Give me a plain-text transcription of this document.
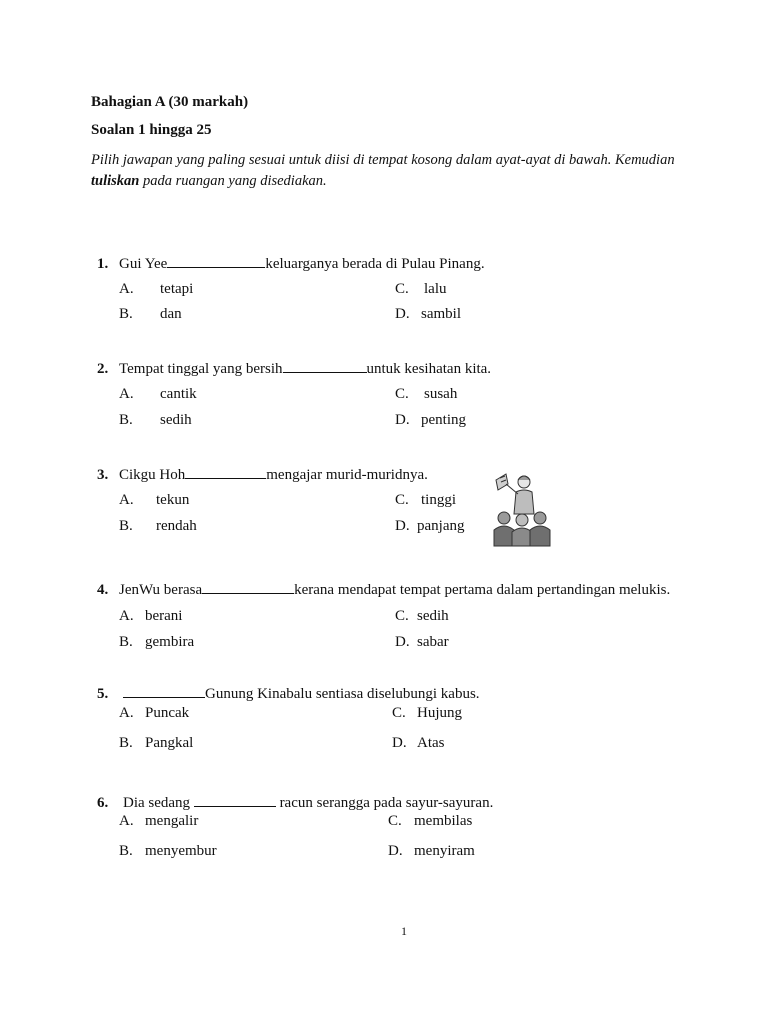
Bahagian A (30 markah)
Soalan 1 hingga 25
Pilih jawapan yang paling sesuai untuk diisi di tempat kosong dalam ayat-ayat di bawah. Kemudian tuliskan pada ruangan yang disediakan.
1. Gui Yee	keluarganya berada di Pulau Pinang.
A. tetapi
B. dan
C. lalu
D. sambil
2. Tempat tinggal yang bersih	untuk kesihatan kita.
A. cantik
B. sedih
C. susah
D. penting
3. Cikgu Hoh	mengajar murid-muridnya.
A. tekun
B. rendah
C. tinggi
D. panjang
4. JenWu berasa	kerana mendapat tempat pertama dalam pertandingan melukis.
A. berani
B. gembira
C. sedih
D. sabar
5.	Gunung Kinabalu sentiasa diselubungi kabus.
A. Puncak
B. Pangkal
C. Hujung
D. Atas
6. Dia sedang	racun serangga pada sayur-sayuran.
A. mengalir
B. menyembur
C. membilas
D. menyiram
1
